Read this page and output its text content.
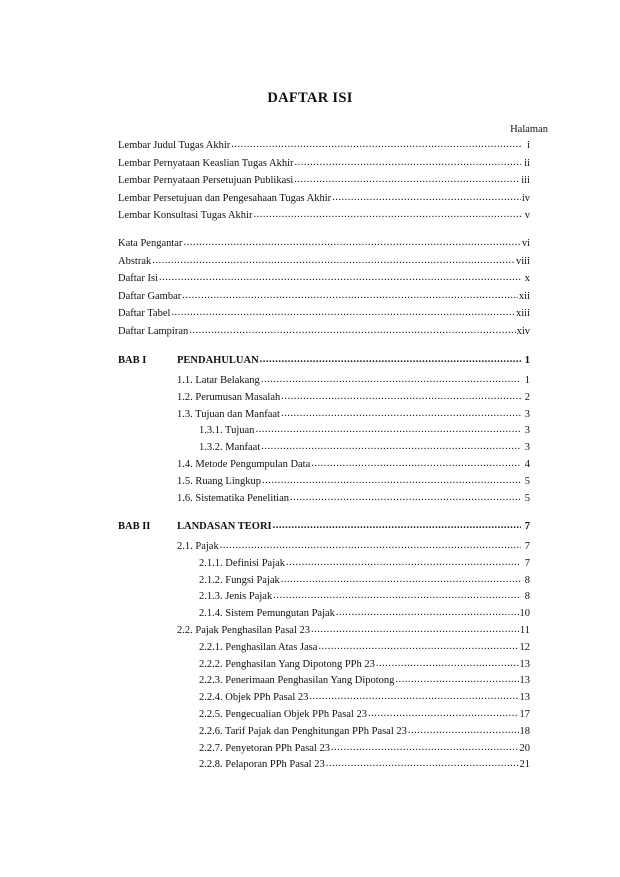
DAFTAR ISI
Halaman
Lembar Judul Tugas Akhir .....	i
Lembar Pernyataan Keaslian Tugas Akhir .....	ii
Lembar Pernyataan Persetujuan Publikasi .....	iii
Lembar Persetujuan dan Pengesahaan Tugas Akhir .....	iv
Lembar Konsultasi Tugas Akhir .....	v
Kata Pengantar .....	vi
Abstrak .....	viii
Daftar Isi .....	x
Daftar Gambar .....	xii
Daftar Tabel .....	xiii
Daftar Lampiran .....	xiv
BAB I	PENDAHULUAN .....	1
1.1. Latar Belakang .....	1
1.2. Perumusan Masalah .....	2
1.3. Tujuan dan Manfaat .....	3
1.3.1. Tujuan .....	3
1.3.2. Manfaat .....	3
1.4. Metode Pengumpulan Data .....	4
1.5. Ruang Lingkup .....	5
1.6. Sistematika Penelitian .....	5
BAB II	LANDASAN TEORI .....	7
2.1. Pajak .....	7
2.1.1. Definisi Pajak .....	7
2.1.2. Fungsi Pajak .....	8
2.1.3. Jenis Pajak .....	8
2.1.4. Sistem Pemungutan Pajak .....	10
2.2. Pajak Penghasilan Pasal 23 .....	11
2.2.1. Penghasilan Atas Jasa .....	12
2.2.2. Penghasilan Yang Dipotong PPh 23 .....	13
2.2.3. Penerimaan Penghasilan Yang Dipotong .....	13
2.2.4. Objek PPh Pasal 23 .....	13
2.2.5. Pengecualian Objek PPh Pasal 23 .....	17
2.2.6. Tarif Pajak dan Penghitungan PPh Pasal 23 .....	18
2.2.7. Penyetoran PPh Pasal 23 .....	20
2.2.8. Pelaporan PPh Pasal 23 .....	21
